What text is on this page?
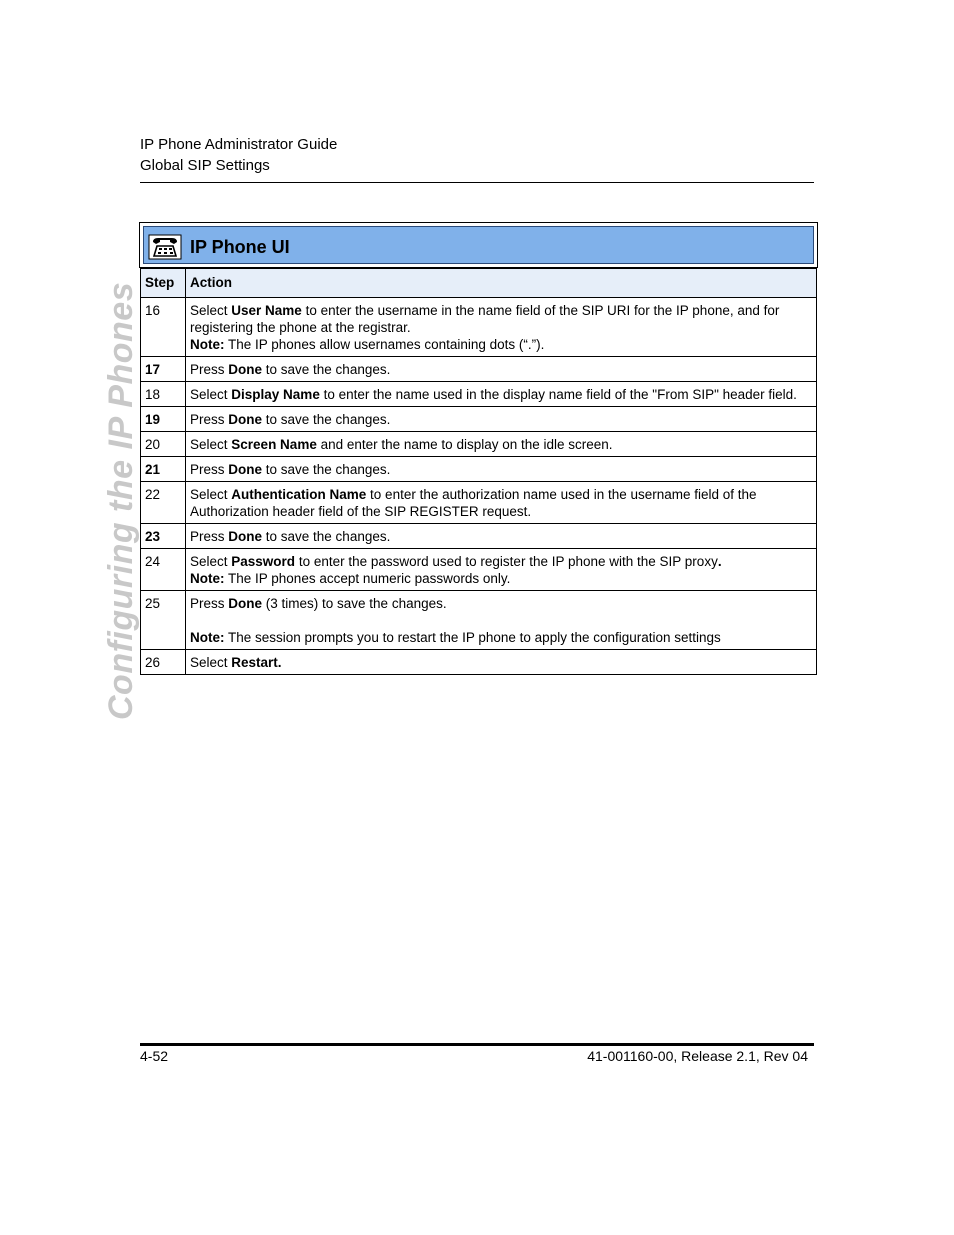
IP Phone Administrator Guide
Global SIP Settings
Configuring the IP Phones
IP Phone UI
Step	Action
16	Select User Name to enter the username in the name field of the SIP URI for the IP phone, and for registering the phone at the registrar.
Note: The IP phones allow usernames containing dots (“.”).

17	Press Done to save the changes.

18	Select Display Name to enter the name used in the display name field of the "From SIP" header field.

19	Press Done to save the changes.

20	Select Screen Name and enter the name to display on the idle screen.

21	Press Done to save the changes.

22	Select Authentication Name to enter the authorization name used in the username field of the Authorization header field of the SIP REGISTER request.

23	Press Done to save the changes.

24	Select Password to enter the password used to register the IP phone with the SIP proxy.
Note: The IP phones accept numeric passwords only.

25	Press Done (3 times) to save the changes.
Note: The session prompts you to restart the IP phone to apply the configuration settings

26	Select Restart.
4-52	41-001160-00, Release 2.1, Rev 04
